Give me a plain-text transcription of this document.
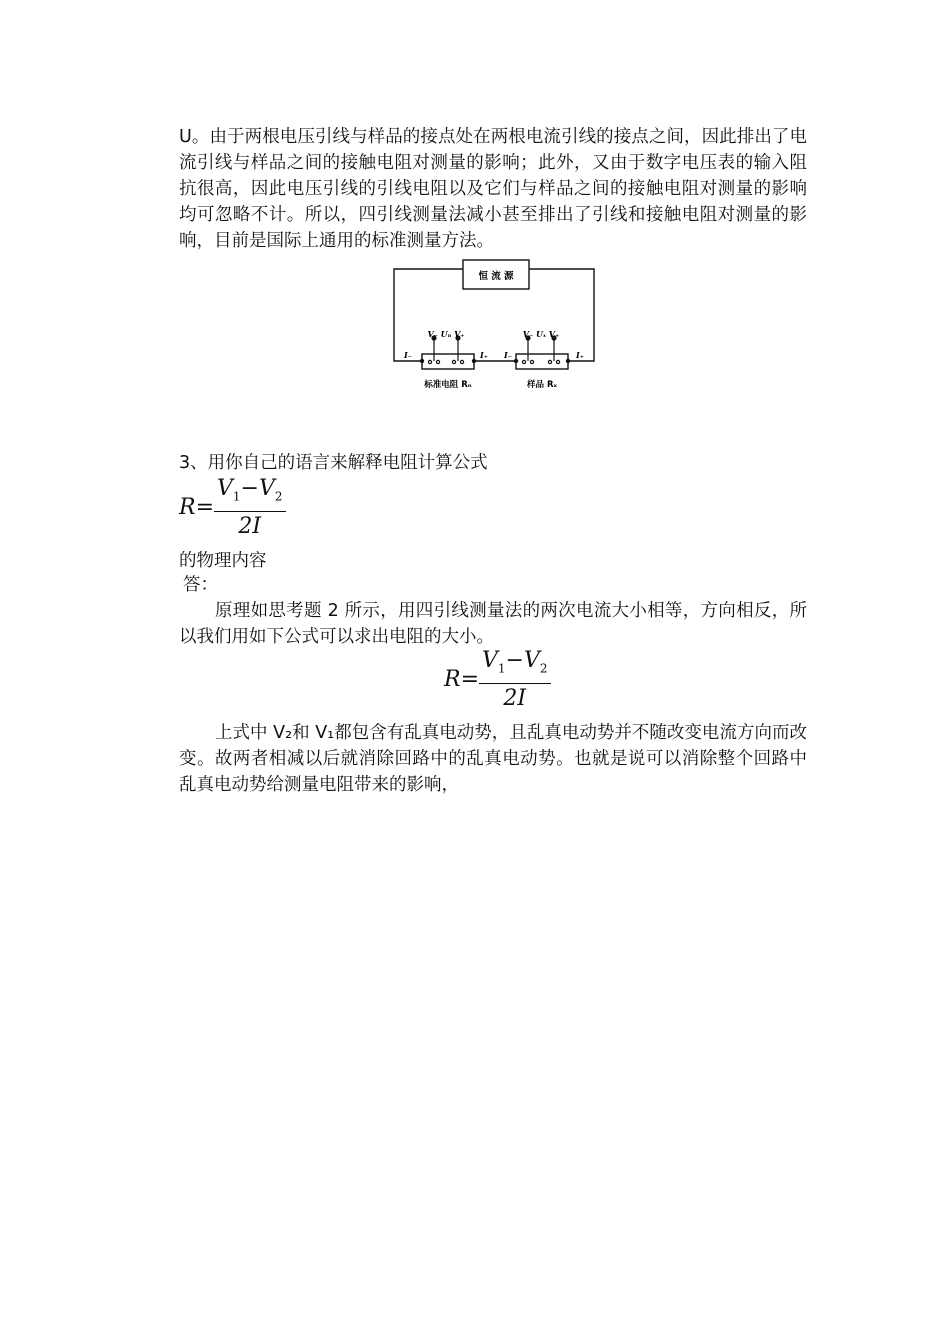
U。由于两根电压引线与样品的接点处在两根电流引线的接点之间，因此排出了电流引线与样品之间的接触电阻对测量的影响；此外，又由于数字电压表的输入阻抗很高，因此电压引线的引线电阻以及它们与样品之间的接触电阻对测量的影响均可忽略不计。所以，四引线测量法减小甚至排出了引线和接触电阻对测量的影响，目前是国际上通用的标准测量方法。

恒 流 源
V₋ Uₙ V₊	V₋ Uₓ V₊
I₋	I₊ I₋	I₊
标准电阻 Rₙ	样品 Rₓ
3、用你自己的语言来解释电阻计算公式
$R= \frac{V_1-V_2}{2I}$
的物理内容
答：

原理如思考题 2 所示，用四引线测量法的两次电流大小相等，方向相反，所以我们用如下公式可以求出电阻的大小。

$R= \frac{V_1-V_2}{2I}$

上式中 V₂和 V₁都包含有乱真电动势，且乱真电动势并不随改变电流方向而改变。故两者相减以后就消除回路中的乱真电动势。也就是说可以消除整个回路中乱真电动势给测量电阻带来的影响，
